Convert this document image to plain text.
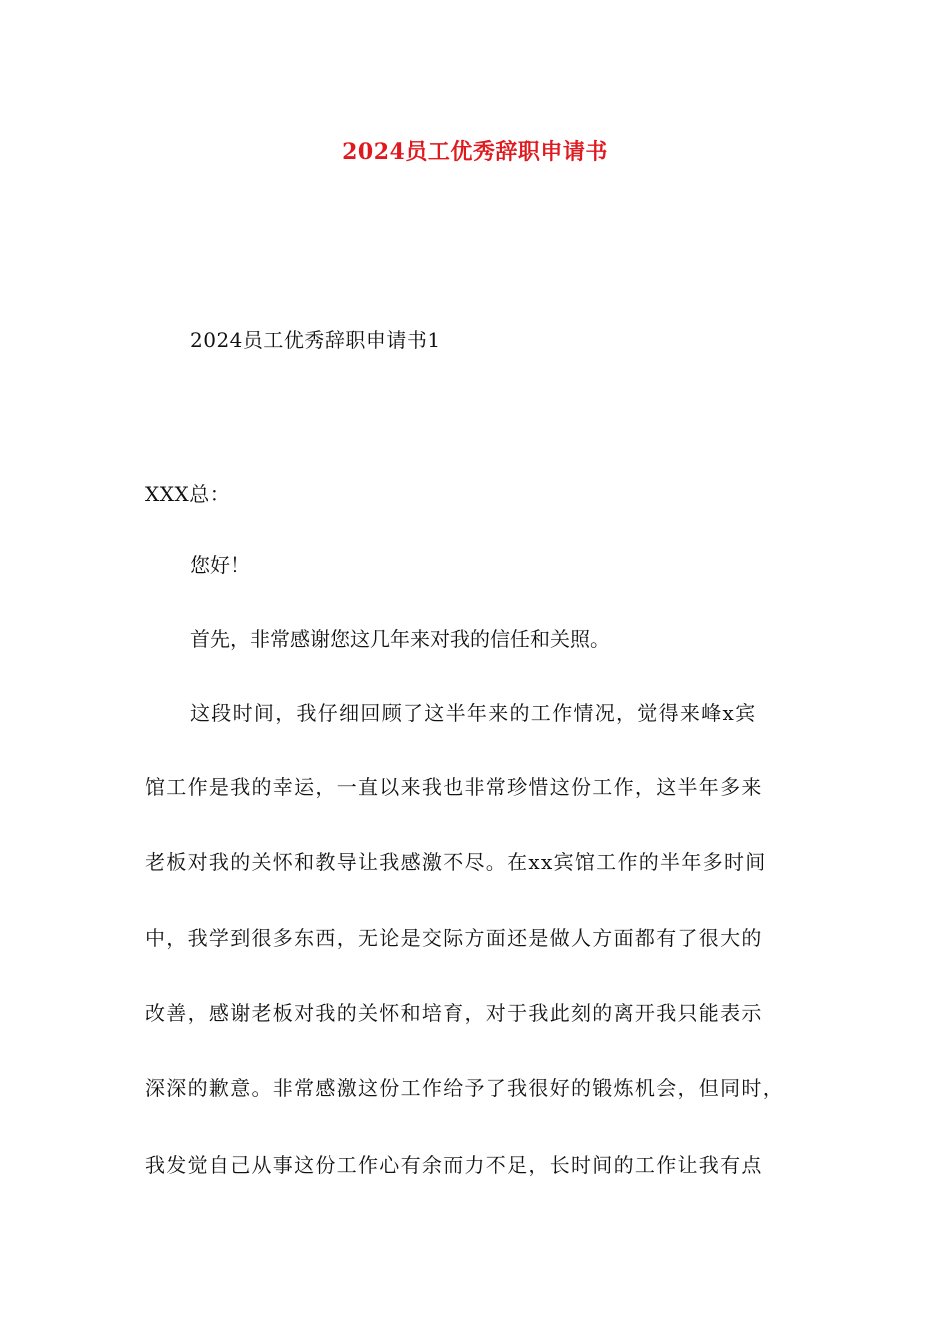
2024员工优秀辞职申请书
2024员工优秀辞职申请书1
XXX总：
您好！
首先，非常感谢您这几年来对我的信任和关照。
这段时间，我仔细回顾了这半年来的工作情况，觉得来峰x宾
馆工作是我的幸运，一直以来我也非常珍惜这份工作，这半年多来
老板对我的关怀和教导让我感激不尽。在xx宾馆工作的半年多时间
中，我学到很多东西，无论是交际方面还是做人方面都有了很大的
改善，感谢老板对我的关怀和培育，对于我此刻的离开我只能表示
深深的歉意。非常感激这份工作给予了我很好的锻炼机会，但同时，
我发觉自己从事这份工作心有余而力不足，长时间的工作让我有点
